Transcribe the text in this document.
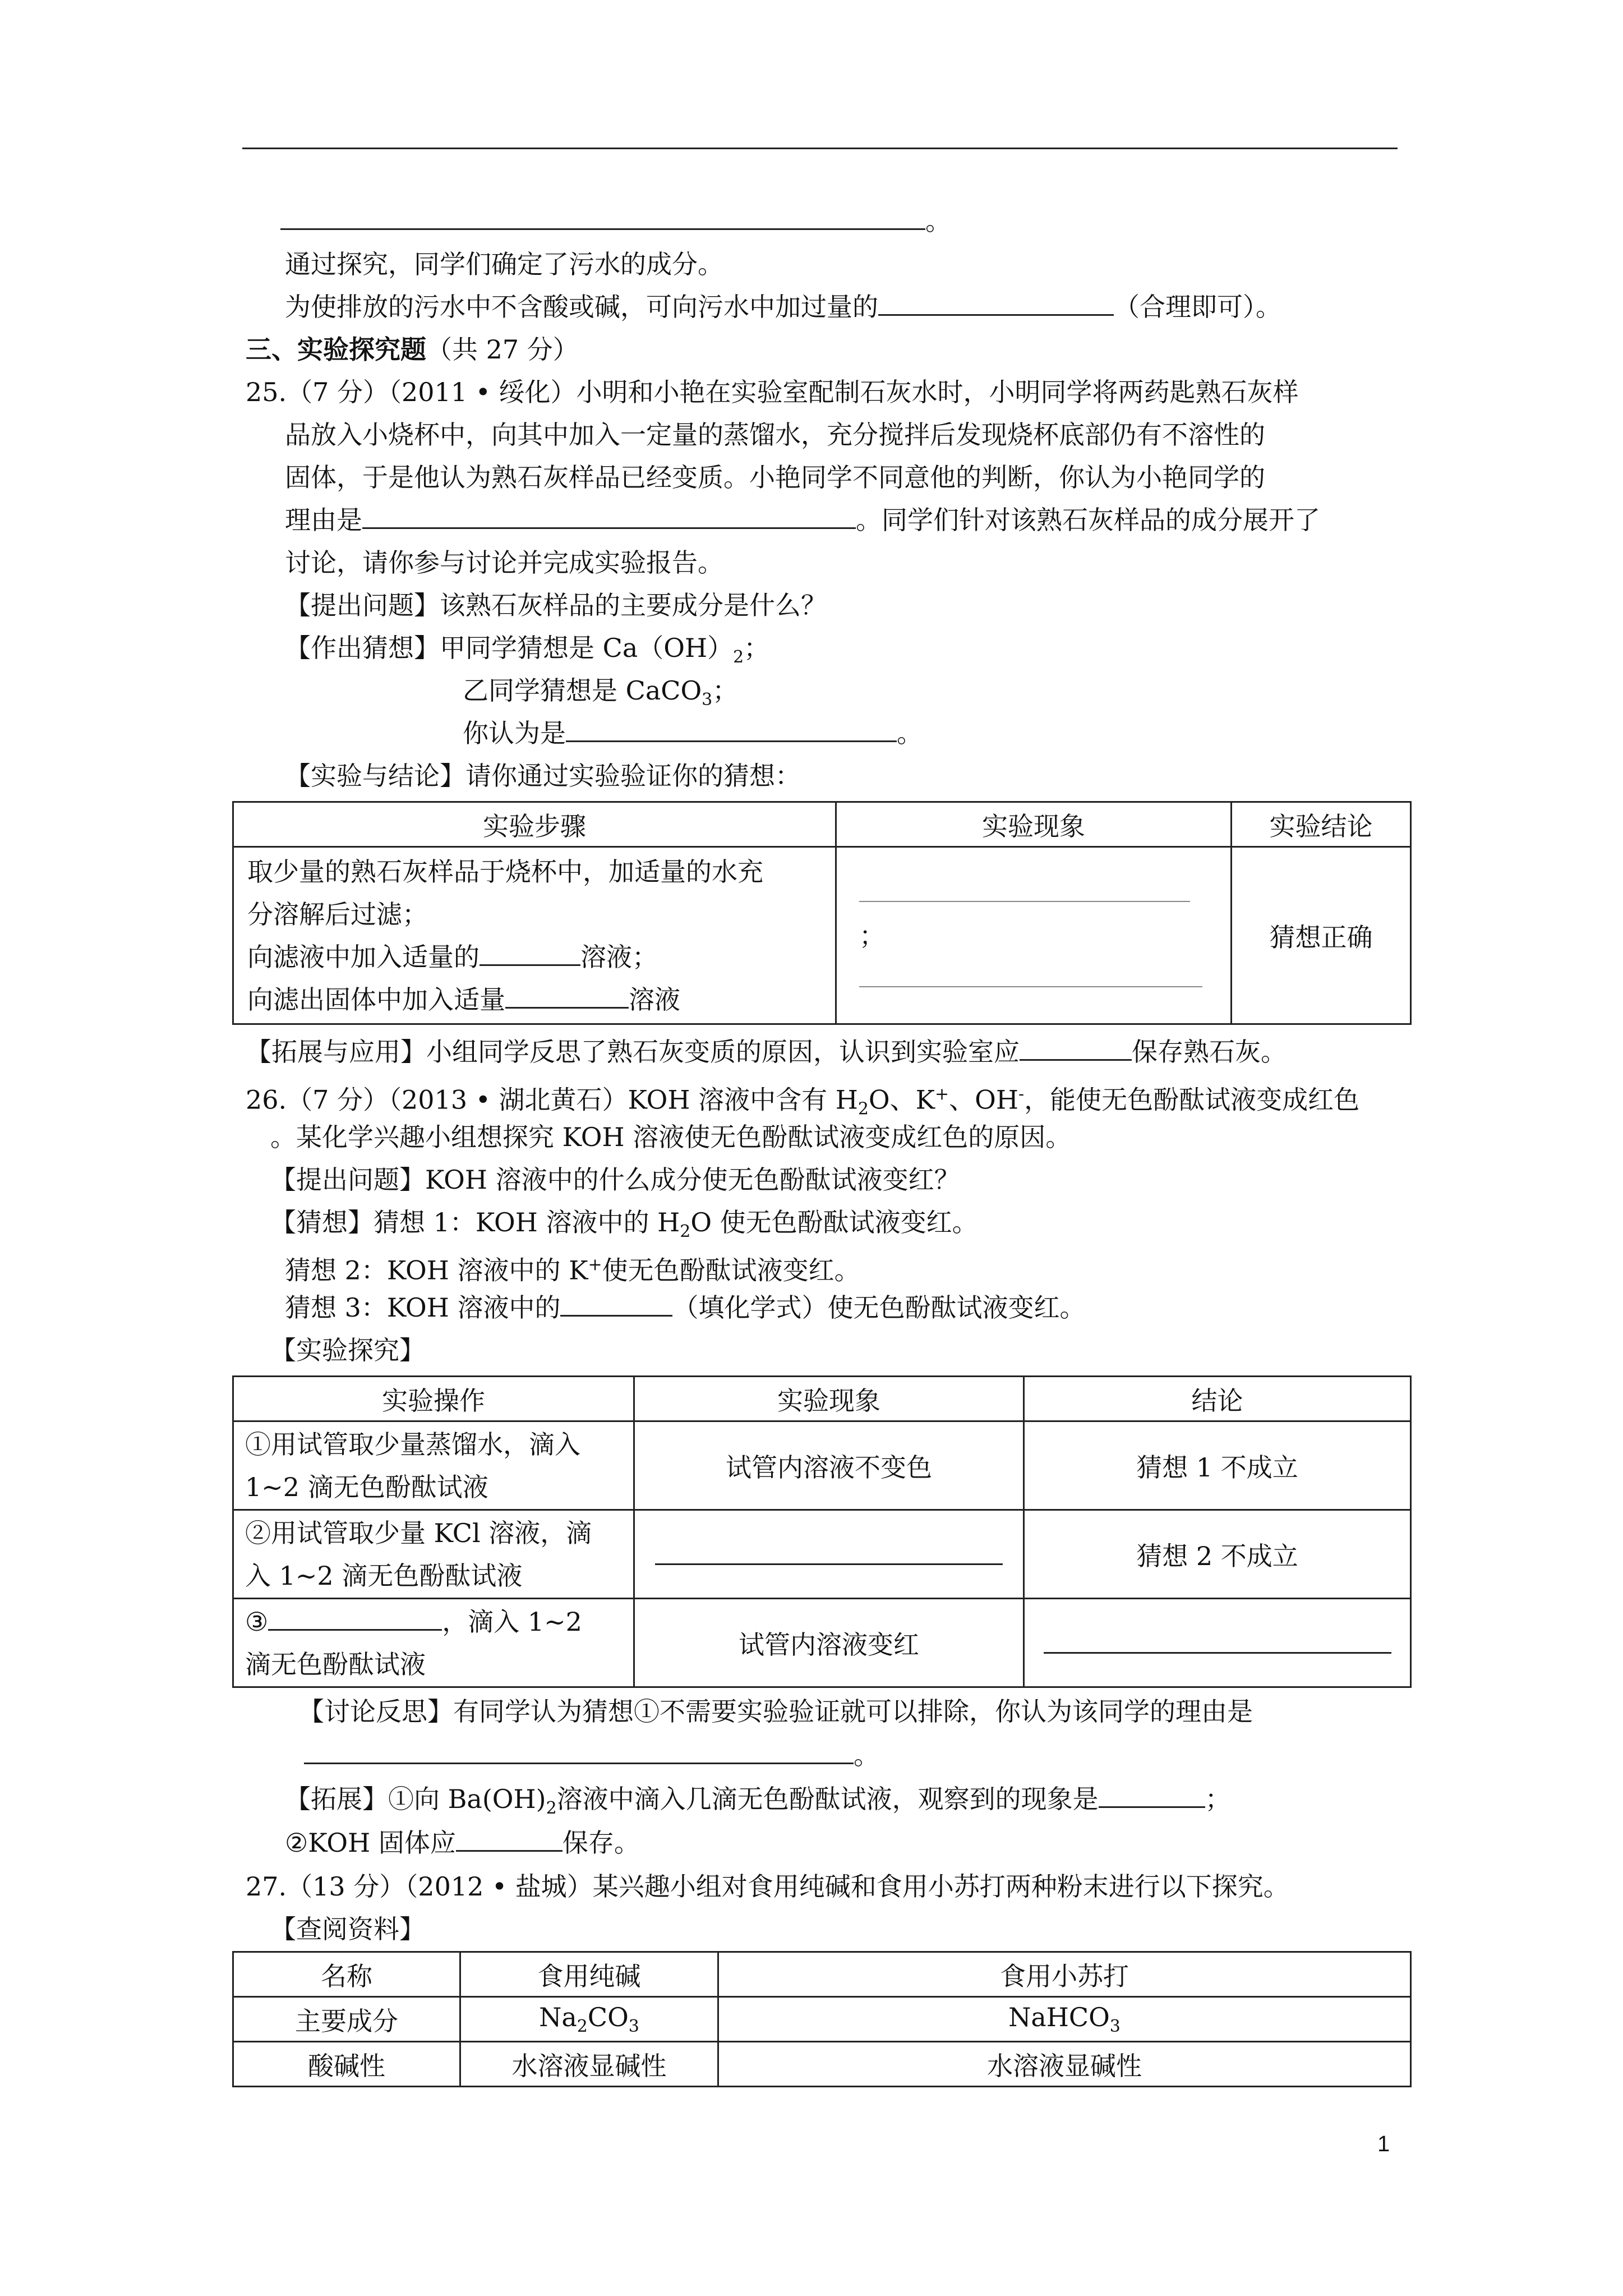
。
通过探究，同学们确定了污水的成分。
为使排放的污水中不含酸或碱，可向污水中加过量的	（合理即可）。
三、实验探究题（共 27 分）
25.（7 分）（2011 • 绥化）小明和小艳在实验室配制石灰水时，小明同学将两药匙熟石灰样
品放入小烧杯中，向其中加入一定量的蒸馏水，充分搅拌后发现烧杯底部仍有不溶性的
固体，于是他认为熟石灰样品已经变质。小艳同学不同意他的判断，你认为小艳同学的
理由是	。同学们针对该熟石灰样品的成分展开了
讨论，请你参与讨论并完成实验报告。
【提出问题】该熟石灰样品的主要成分是什么？
【作出猜想】甲同学猜想是 $Ca(OH)_2$；
乙同学猜想是 CaCO$_3$；
你认为是	。
【实验与结论】请你通过实验验证你的猜想：
实验步骤	实验现象	实验结论

取少量的熟石灰样品于烧杯中，加适量的水充
分溶解后过滤；
向滤液中加入适量的 溶液；
向滤出固体中加入适量 溶液	；	猜想正确
【拓展与应用】小组同学反思了熟石灰变质的原因，认识到实验室应	保存熟石灰。
26.（7 分）（2013 • 湖北黄石）KOH 溶液中含有 $H_2O$、K+、OH-，能使无色酚酞试液变成红色
。某化学兴趣小组想探究 KOH 溶液使无色酚酞试液变成红色的原因。
【提出问题】KOH 溶液中的什么成分使无色酚酞试液变红？
【猜想】猜想 1：KOH 溶液中的 $H_2O$ 使无色酚酞试液变红。
猜想 2：KOH 溶液中的 K+使无色酚酞试液变红。
猜想 3：KOH 溶液中的	（填化学式）使无色酚酞试液变红。
【实验探究】
实验操作	实验现象	结论

①用试管取少量蒸馏水，滴入
1~2 滴无色酚酞试液	试管内溶液不变色	猜想 1 不成立

②用试管取少量 KCl 溶液，滴
入 1~2 滴无色酚酞试液		猜想 2 不成立

③ ，滴入 1~2
滴无色酚酞试液	试管内溶液变红	
【讨论反思】有同学认为猜想①不需要实验验证就可以排除，你认为该同学的理由是
。
【拓展】①向 $Ba(OH)_2$溶液中滴入几滴无色酚酞试液，观察到的现象是	；
②KOH 固体应	保存。
27.（13 分）（2012 • 盐城）某兴趣小组对食用纯碱和食用小苏打两种粉末进行以下探究。
【查阅资料】
名称	食用纯碱	食用小苏打
主要成分	$Na_2CO_3$	NaHCO$_3$
酸碱性	水溶液显碱性	水溶液显碱性
1
